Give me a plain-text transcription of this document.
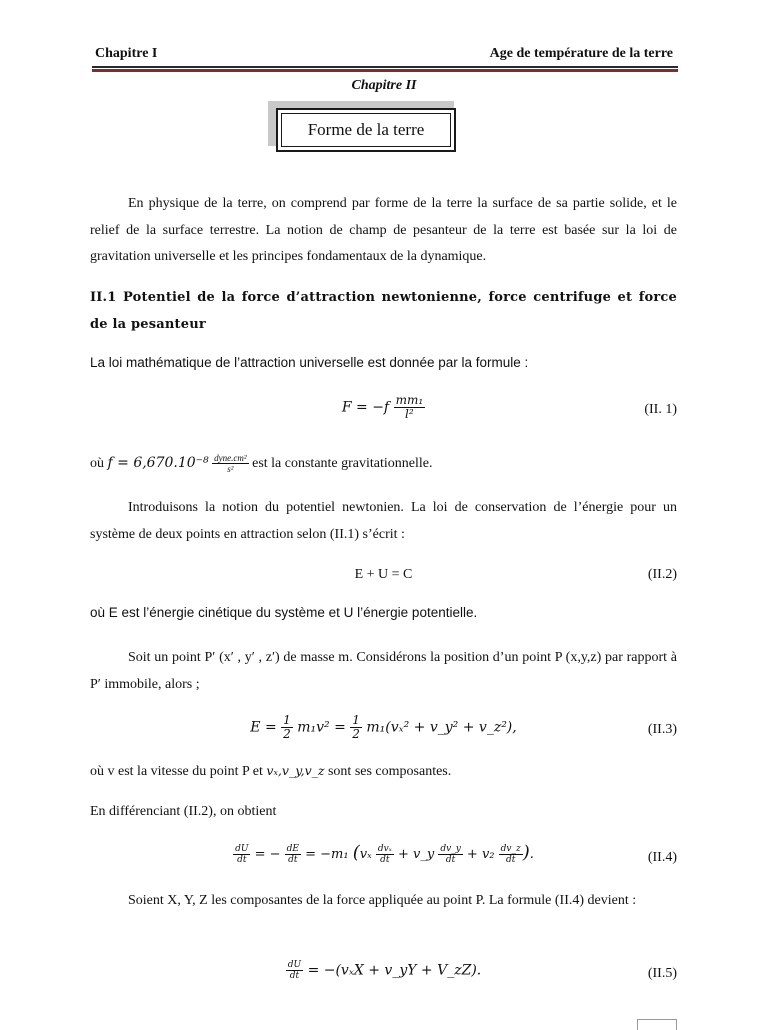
Chapitre I	Age de température de la terre
Chapitre II
Forme de la terre
En physique de la terre, on comprend par forme de la terre la surface de sa partie solide, et le relief de la surface terrestre. La notion de champ de pesanteur de la terre est basée sur la loi de gravitation universelle et les principes fondamentaux de la dynamique.
II.1 Potentiel de la force d’attraction newtonienne, force centrifuge et force de la pesanteur
La loi mathématique de l’attraction universelle est donnée par la formule :
$F = -f \frac{\text{mm₁}}{\text{l²}}$	(II. 1)
où $f = 6,670.10^{-8} \frac{\text{dyne.cm²}}{\text{s²}}$ est la constante gravitationnelle.
Introduisons la notion du potentiel newtonien. La loi de conservation de l’énergie pour un système de deux points en attraction selon (II.1) s’écrit :
E + U = C	(II.2)
où E est l’énergie cinétique du système et U l’énergie potentielle.
Soit un point P′ (x′ , y′ , z′) de masse m. Considérons la position d’un point P (x,y,z) par rapport à P′ immobile, alors ;
$E = \frac{1}{2} m_1v^2 = \frac{1}{2} m_1(v_x^2$ + v_y² + v_z²),	(II.3)
où v est la vitesse du point P et vₓ,v_y,v_z sont ses composantes.
En différenciant (II.2), on obtient
$\frac{dU}{dt}$ = − $\frac{dE}{dt} = -m_1$ ($v_x \frac{\text{dvₓ}}{dt}$ + v_y $\frac{dv\_y}{dt} + v_2 \frac{dv\_z}{dt}$ ).	(II.4)
Soient X, Y, Z les composantes de la force appliquée au point P. La formule (II.4) devient :
$\frac{dU}{dt} = -(v_xX$ + v_yY + V_zZ).	(II.5)
